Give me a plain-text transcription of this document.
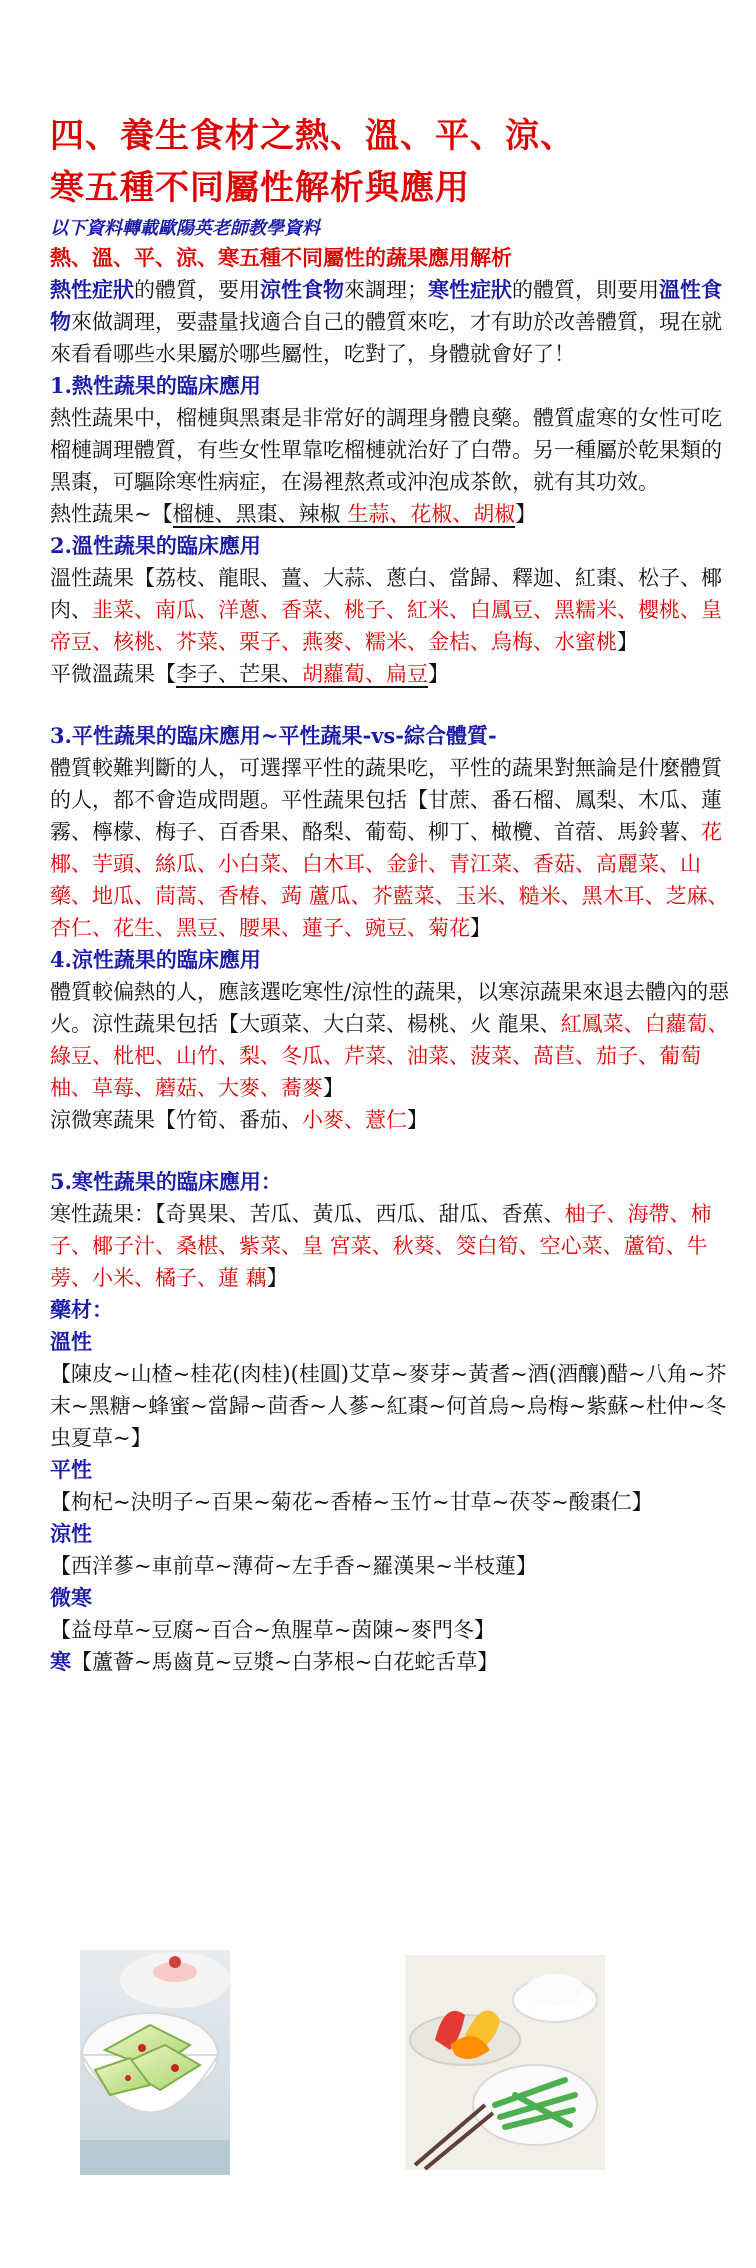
四、養生食材之熱、溫、平、涼、
寒五種不同屬性解析與應用
以下資料轉載歐陽英老師教學資料

熱、溫、平、涼、寒五種不同屬性的蔬果應用解析

熱性症狀的體質，要用涼性食物來調理；寒性症狀的體質，則要用溫性食物來做調理，要盡量找適合自己的體質來吃，才有助於改善體質，現在就來看看哪些水果屬於哪些屬性，吃對了，身體就會好了！

1.熱性蔬果的臨床應用

熱性蔬果中，榴槤與黑棗是非常好的調理身體良藥。體質虛寒的女性可吃榴槤調理體質，有些女性單靠吃榴槤就治好了白帶。另一種屬於乾果類的黑棗，可驅除寒性病症，在湯裡熬煮或沖泡成茶飲，就有其功效。

熱性蔬果~【榴槤、黑棗、辣椒 生蒜、花椒、胡椒】

2.溫性蔬果的臨床應用

溫性蔬果【荔枝、龍眼、薑、大蒜、蔥白、當歸、釋迦、紅棗、松子、椰肉、韭菜、南瓜、洋蔥、香菜、桃子、紅米、白鳳豆、黑糯米、櫻桃、皇帝豆、核桃、芥菜、栗子、燕麥、糯米、金桔、烏梅、水蜜桃】

平微溫蔬果【李子、芒果、胡蘿蔔、扁豆】

3.平性蔬果的臨床應用~平性蔬果-vs-綜合體質-

體質較難判斷的人，可選擇平性的蔬果吃，平性的蔬果對無論是什麼體質的人，都不會造成問題。平性蔬果包括【甘蔗、番石榴、鳳梨、木瓜、蓮霧、檸檬、梅子、百香果、酪梨、葡萄、柳丁、橄欖、首蓿、馬鈴薯、花椰、芋頭、絲瓜、小白菜、白木耳、金針、青江菜、香菇、高麗菜、山藥、地瓜、茼蒿、香椿、蒟 蘆瓜、芥藍菜、玉米、糙米、黑木耳、芝麻、杏仁、花生、黑豆、腰果、蓮子、豌豆、菊花】

4.涼性蔬果的臨床應用

體質較偏熱的人，應該選吃寒性/涼性的蔬果，以寒涼蔬果來退去體內的惡火。涼性蔬果包括【大頭菜、大白菜、楊桃、火 龍果、紅鳳菜、白蘿蔔、綠豆、枇杷、山竹、梨、冬瓜、芹菜、油菜、菠菜、萵苣、茄子、葡萄柚、草莓、蘑菇、大麥、蕎麥】

涼微寒蔬果【竹筍、番茄、小麥、薏仁】

5.寒性蔬果的臨床應用：

寒性蔬果：【奇異果、苦瓜、黃瓜、西瓜、甜瓜、香蕉、柚子、海帶、柿子、椰子汁、桑椹、紫菜、皇 宮菜、秋葵、筊白筍、空心菜、蘆筍、牛蒡、小米、橘子、蓮 藕】

藥材：

溫性

【陳皮~山楂~桂花(肉桂)(桂圓)艾草~麥芽~黃耆~酒(酒釀)醋~八角~芥末~黑糖~蜂蜜~當歸~茴香~人蔘~紅棗~何首烏~烏梅~紫蘇~杜仲~冬虫夏草~】

平性

【枸杞~決明子~百果~菊花~香椿~玉竹~甘草~茯苓~酸棗仁】

涼性

【西洋蔘~車前草~薄荷~左手香~羅漢果~半枝蓮】

微寒

【益母草~豆腐~百合~魚腥草~茵陳~麥門冬】

寒【蘆薈~馬齒莧~豆漿~白茅根~白花蛇舌草】
